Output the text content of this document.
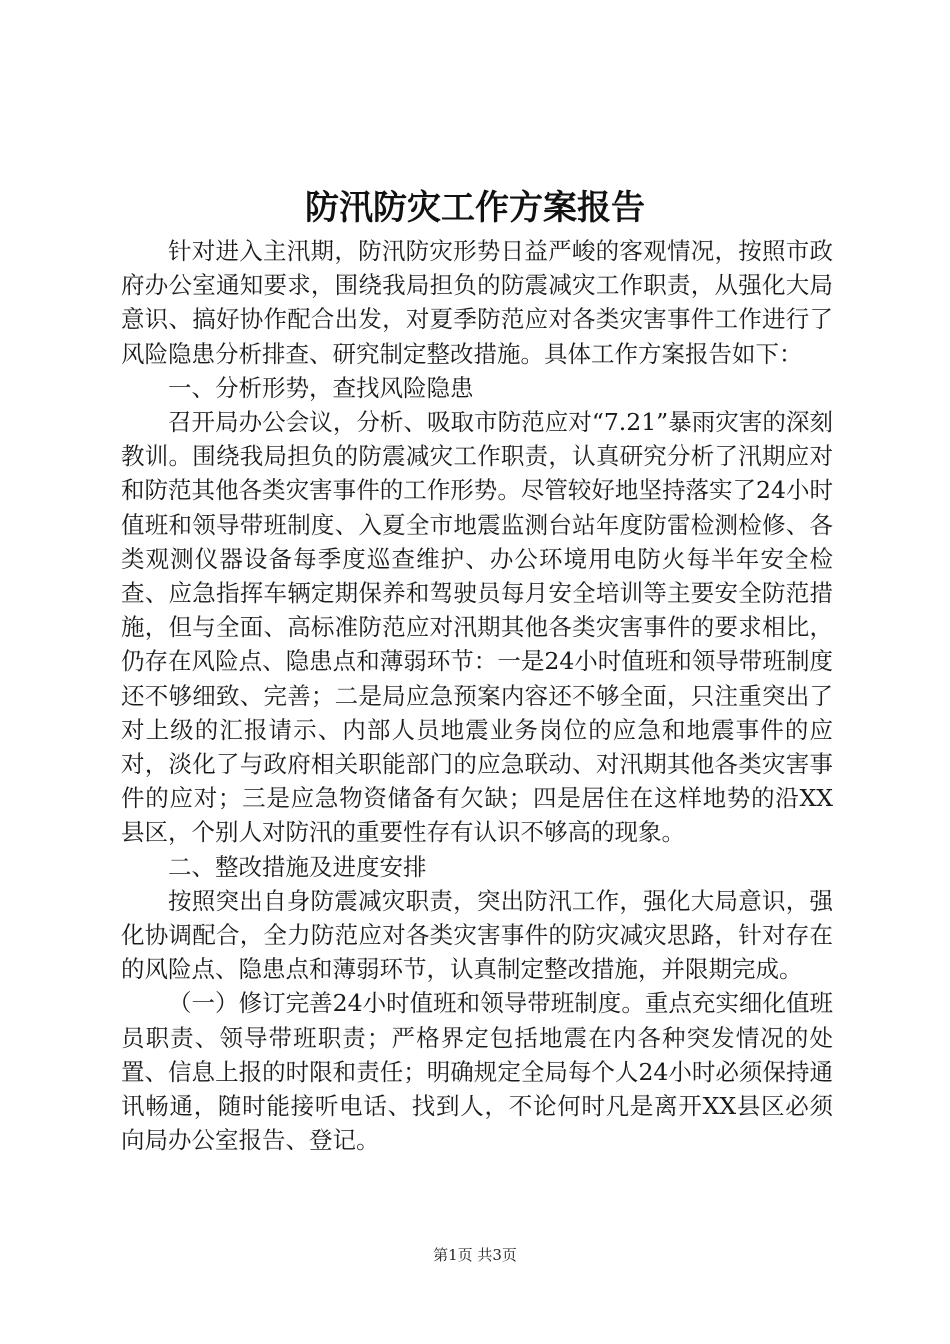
防汛防灾工作方案报告

针对进入主汛期，防汛防灾形势日益严峻的客观情况，按照市政府办公室通知要求，围绕我局担负的防震减灾工作职责，从强化大局意识、搞好协作配合出发，对夏季防范应对各类灾害事件工作进行了风险隐患分析排查、研究制定整改措施。具体工作方案报告如下：

一、分析形势，查找风险隐患

召开局办公会议，分析、吸取市防范应对“7.21”暴雨灾害的深刻教训。围绕我局担负的防震减灾工作职责，认真研究分析了汛期应对和防范其他各类灾害事件的工作形势。尽管较好地坚持落实了24小时值班和领导带班制度、入夏全市地震监测台站年度防雷检测检修、各类观测仪器设备每季度巡查维护、办公环境用电防火每半年安全检查、应急指挥车辆定期保养和驾驶员每月安全培训等主要安全防范措施，但与全面、高标准防范应对汛期其他各类灾害事件的要求相比，仍存在风险点、隐患点和薄弱环节：一是24小时值班和领导带班制度还不够细致、完善；二是局应急预案内容还不够全面，只注重突出了对上级的汇报请示、内部人员地震业务岗位的应急和地震事件的应对，淡化了与政府相关职能部门的应急联动、对汛期其他各类灾害事件的应对；三是应急物资储备有欠缺；四是居住在这样地势的沿XX县区，个别人对防汛的重要性存有认识不够高的现象。

二、整改措施及进度安排

按照突出自身防震减灾职责，突出防汛工作，强化大局意识，强化协调配合，全力防范应对各类灾害事件的防灾减灾思路，针对存在的风险点、隐患点和薄弱环节，认真制定整改措施，并限期完成。

（一）修订完善24小时值班和领导带班制度。重点充实细化值班员职责、领导带班职责；严格界定包括地震在内各种突发情况的处置、信息上报的时限和责任；明确规定全局每个人24小时必须保持通讯畅通，随时能接听电话、找到人，不论何时凡是离开XX县区必须向局办公室报告、登记。

第1页 共3页
